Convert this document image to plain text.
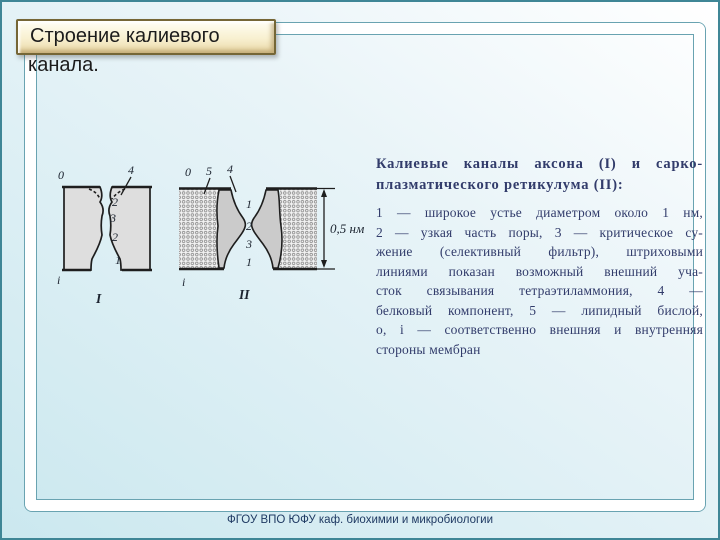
Строение калиевого
канала.
0	4
2
3
2
1
i
I
0 5 4
1
2
3
1
i
II
0,5 нм
Калиевые каналы аксона (I) и сарко-
плазматического ретикулума (II):
1 — широкое устье диаметром около 1 нм,
2 — узкая часть поры, 3 — критическое су-
жение (селективный фильтр), штриховыми
линиями показан возможный внешний уча-
сток связывания тетраэтиламмония, 4 —
белковый компонент, 5 — липидный бислой,
о, i — соответственно внешняя и внутренняя
стороны мембран
ФГОУ ВПО ЮФУ каф. биохимии и микробиологии
